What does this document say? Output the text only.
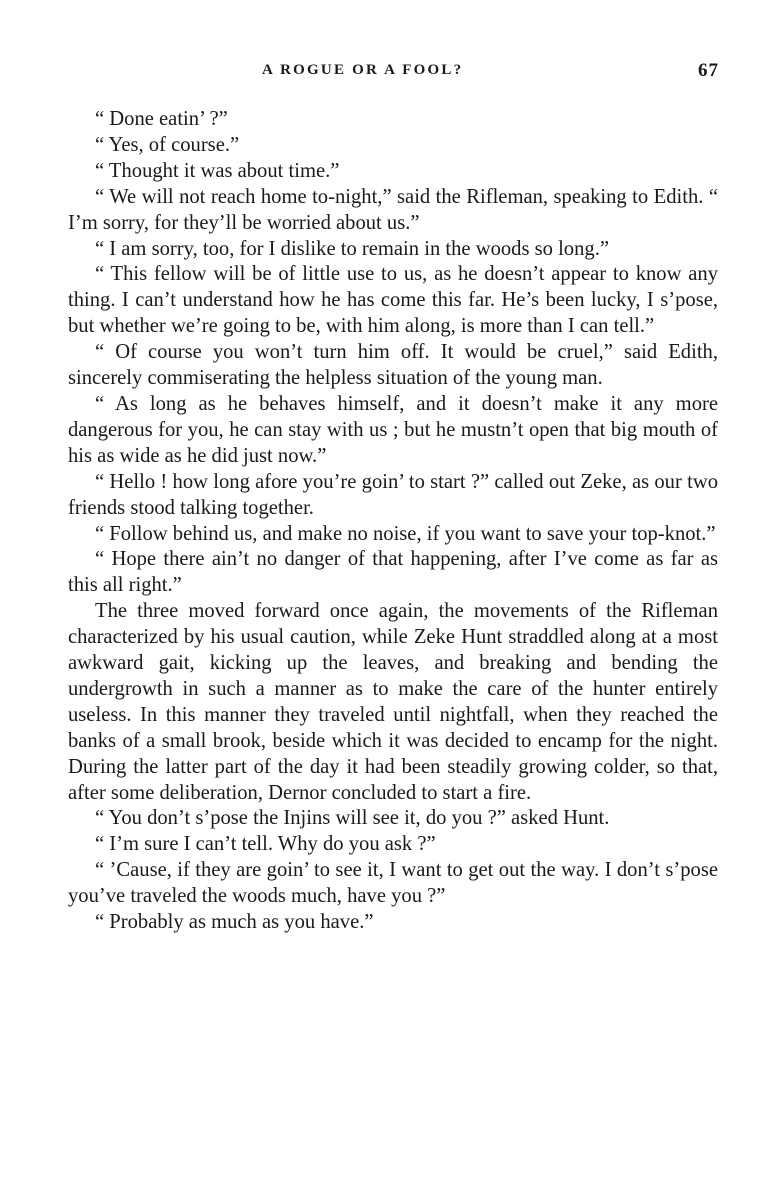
A ROGUE OR A FOOL?	67

“ Done eatin’ ?”

“ Yes, of course.”

“ Thought it was about time.”

“ We will not reach home to-night,” said the Rifleman, speaking to Edith. “ I’m sorry, for they’ll be worried about us.”

“ I am sorry, too, for I dislike to remain in the woods so long.”

“ This fellow will be of little use to us, as he doesn’t appear to know any thing. I can’t understand how he has come this far. He’s been lucky, I s’pose, but whether we’re going to be, with him along, is more than I can tell.”

“ Of course you won’t turn him off. It would be cruel,” said Edith, sincerely commiserating the helpless situation of the young man.

“ As long as he behaves himself, and it doesn’t make it any more dangerous for you, he can stay with us ; but he mustn’t open that big mouth of his as wide as he did just now.”

“ Hello ! how long afore you’re goin’ to start ?” called out Zeke, as our two friends stood talking together.

“ Follow behind us, and make no noise, if you want to save your top-knot.”

“ Hope there ain’t no danger of that happening, after I’ve come as far as this all right.”

The three moved forward once again, the movements of the Rifleman characterized by his usual caution, while Zeke Hunt straddled along at a most awkward gait, kicking up the leaves, and breaking and bending the undergrowth in such a manner as to make the care of the hunter entirely useless. In this manner they traveled until nightfall, when they reached the banks of a small brook, beside which it was decided to encamp for the night. During the latter part of the day it had been steadily growing colder, so that, after some deliberation, Dernor concluded to start a fire.

“ You don’t s’pose the Injins will see it, do you ?” asked Hunt.

“ I’m sure I can’t tell. Why do you ask ?”

“ ’Cause, if they are goin’ to see it, I want to get out the way. I don’t s’pose you’ve traveled the woods much, have you ?”

“ Probably as much as you have.”
